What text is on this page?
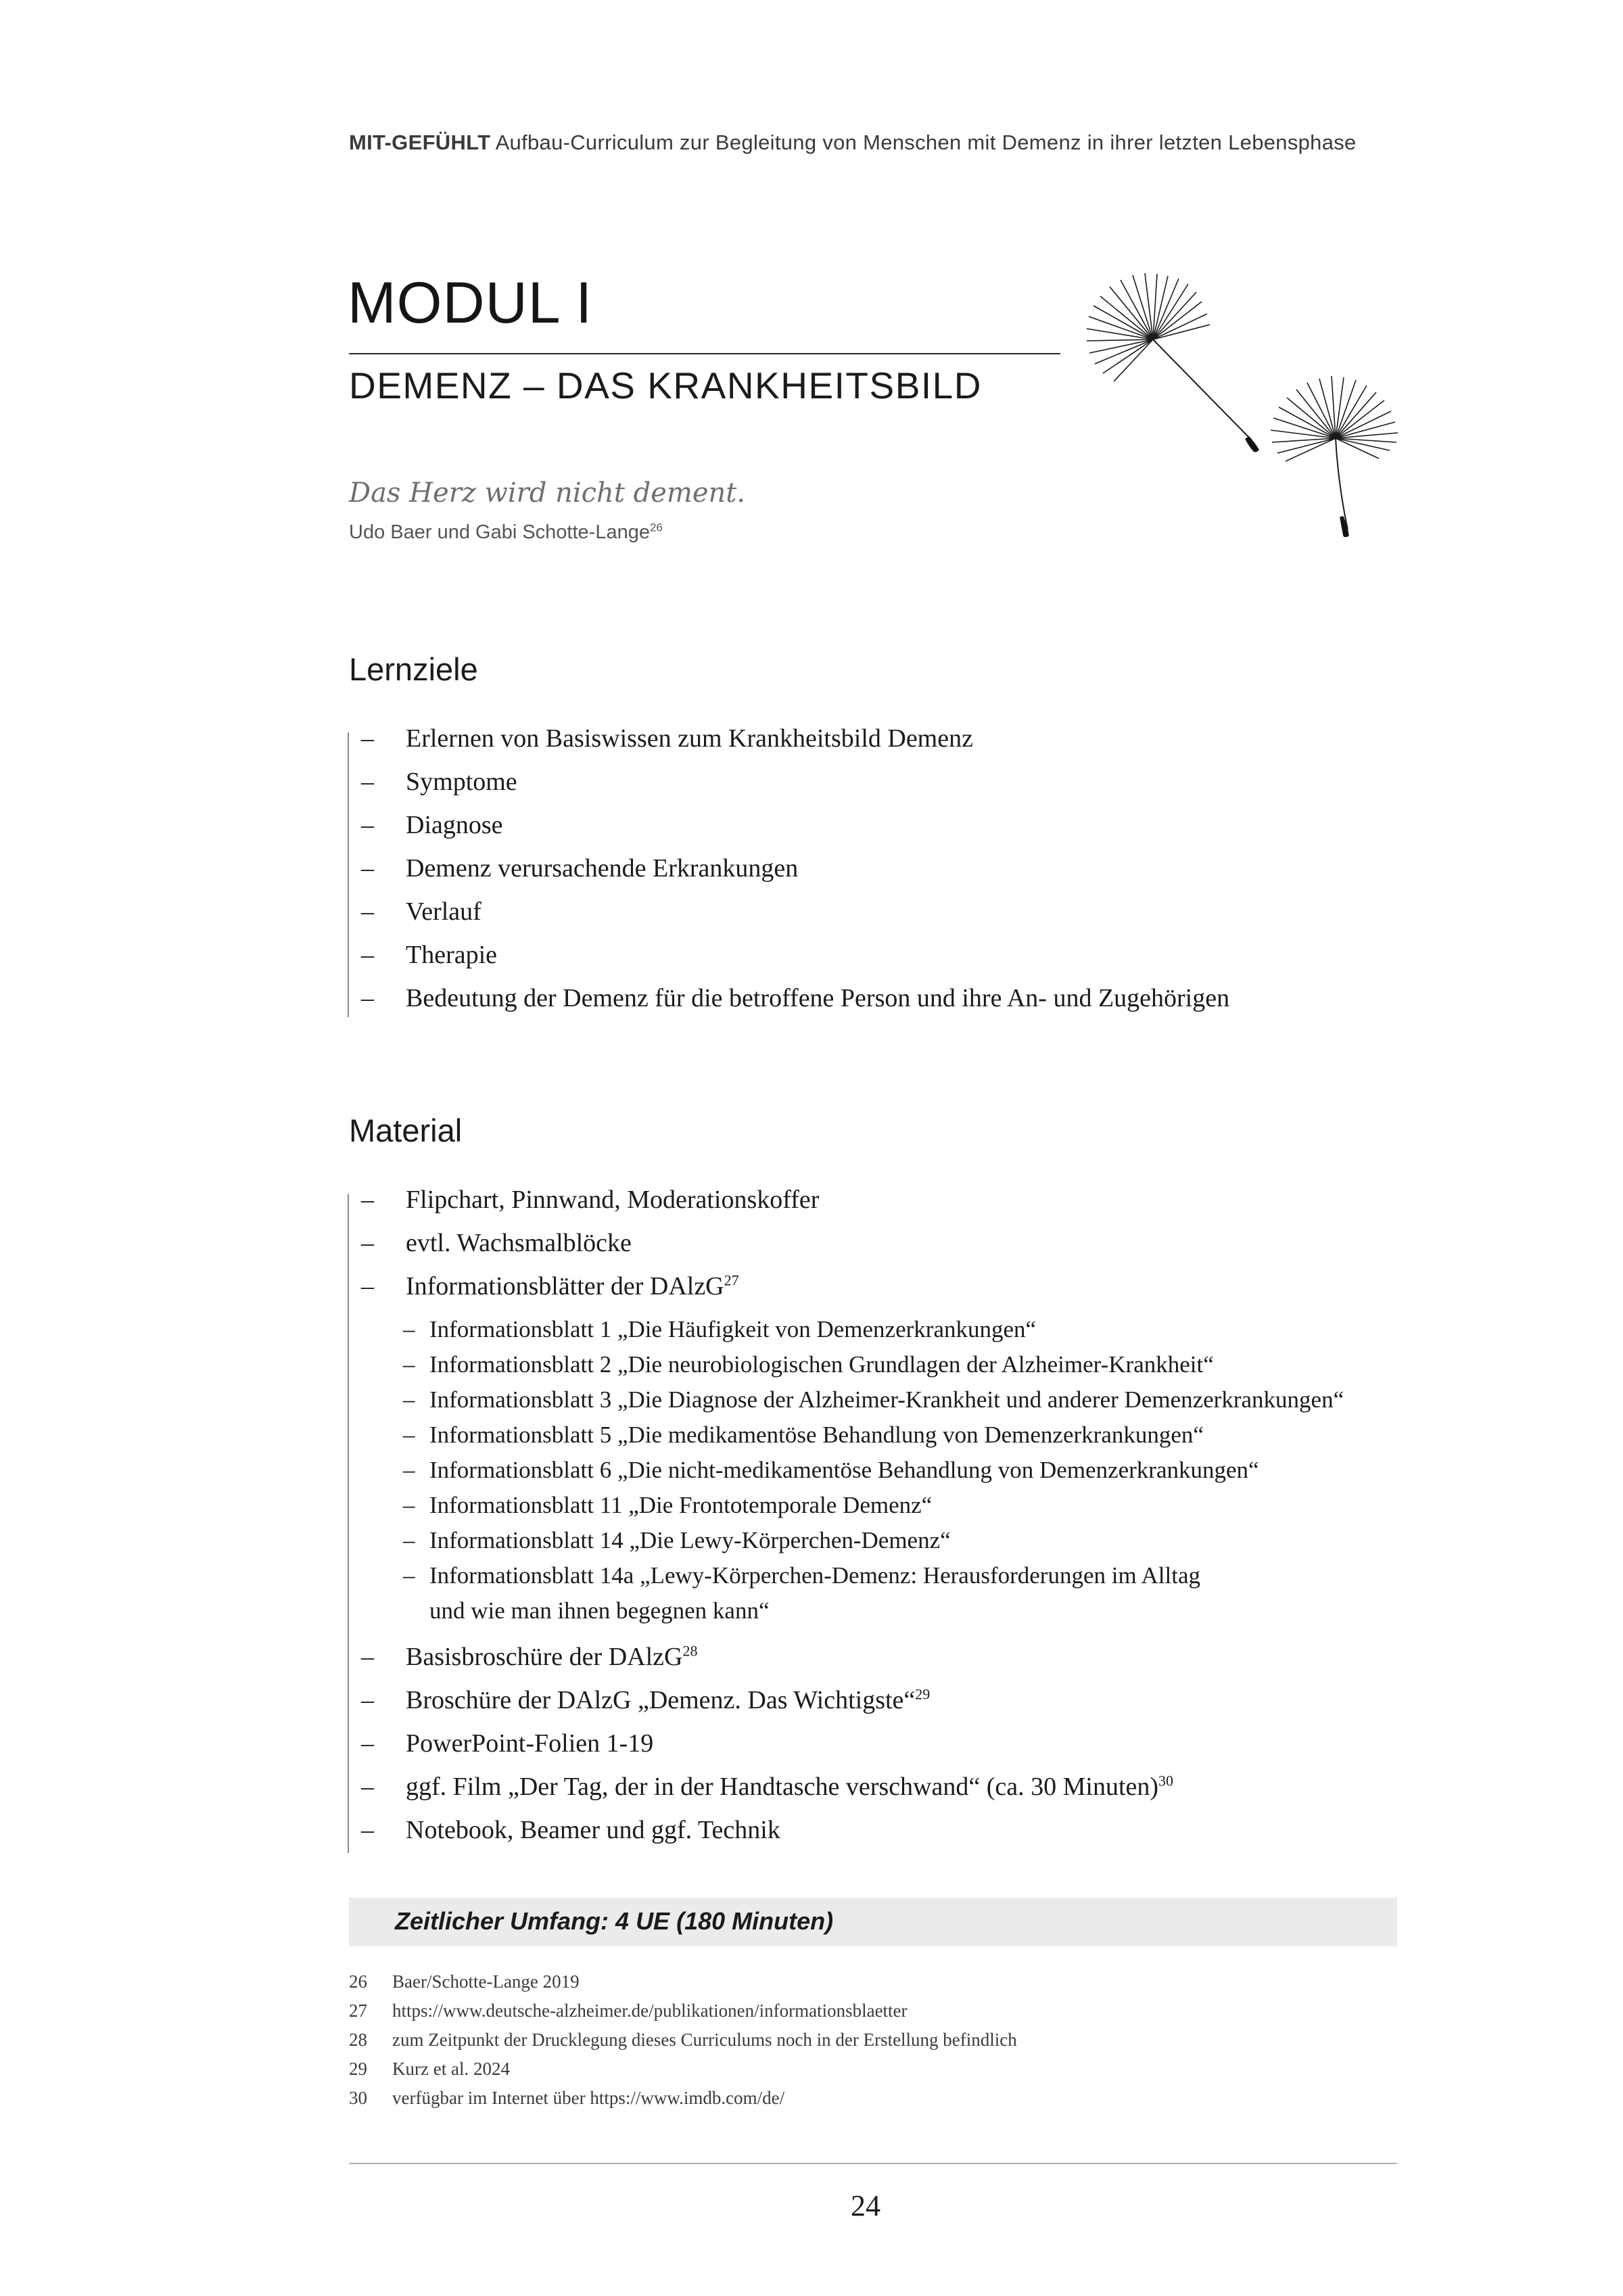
MIT-GEFÜHLT Aufbau-Curriculum zur Begleitung von Menschen mit Demenz in ihrer letzten Lebensphase
MODUL I
DEMENZ – DAS KRANKHEITSBILD
Das Herz wird nicht dement.
Udo Baer und Gabi Schotte-Lange$^{26}$
Lernziele
– Erlernen von Basiswissen zum Krankheitsbild Demenz
– Symptome
– Diagnose
– Demenz verursachende Erkrankungen
– Verlauf
– Therapie
– Bedeutung der Demenz für die betroffene Person und ihre An- und Zugehörigen
Material
– Flipchart, Pinnwand, Moderationskoffer
– evtl. Wachsmalblöcke
– Informationsblätter der DAlzG$^{27}$
– Informationsblatt 1 „Die Häufigkeit von Demenzerkrankungen“
– Informationsblatt 2 „Die neurobiologischen Grundlagen der Alzheimer-Krankheit“
– Informationsblatt 3 „Die Diagnose der Alzheimer-Krankheit und anderer Demenzerkrankungen“
– Informationsblatt 5 „Die medikamentöse Behandlung von Demenzerkrankungen“
– Informationsblatt 6 „Die nicht-medikamentöse Behandlung von Demenzerkrankungen“
– Informationsblatt 11 „Die Frontotemporale Demenz“
– Informationsblatt 14 „Die Lewy-Körperchen-Demenz“
– Informationsblatt 14a „Lewy-Körperchen-Demenz: Herausforderungen im Alltag
und wie man ihnen begegnen kann“
– Basisbroschüre der DAlzG$^{28}$
– Broschüre der DAlzG „Demenz. Das Wichtigste“$^{29}$
– PowerPoint-Folien 1-19
– ggf. Film „Der Tag, der in der Handtasche verschwand“ (ca. 30 Minuten)$^{30}$
– Notebook, Beamer und ggf. Technik
Zeitlicher Umfang: 4 UE (180 Minuten)
26 Baer/Schotte-Lange 2019
27 https://www.deutsche-alzheimer.de/publikationen/informationsblaetter
28 zum Zeitpunkt der Drucklegung dieses Curriculums noch in der Erstellung befindlich
29 Kurz et al. 2024
30 verfügbar im Internet über https://www.imdb.com/de/
24
